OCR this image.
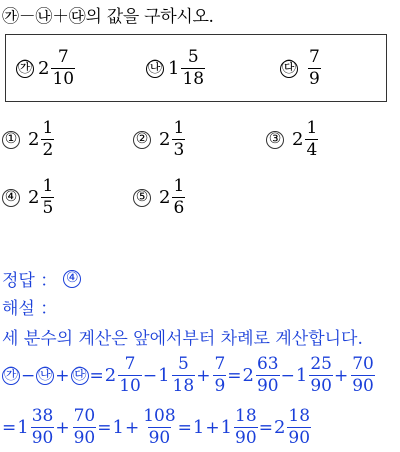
㉮－㉯＋㉰의 값을 구하시오.
㉮ $2 \frac{7}{10}$	㉯ $1 \frac{5}{18}$	㉰ $\frac{7}{9}$
① $2 \frac{1}{2}$	② $2 \frac{1}{3}$	③ $2 \frac{1}{4}$
④ $2 \frac{1}{5}$	⑤ $2 \frac{1}{6}$
정답 ： ④
해설 ：
세 분수의 계산은 앞에서부터 차례로 계산합니다.
㉮ − ㉯ + ㉰ = $2 \frac{7}{10} - 1 \frac{5}{18} + \frac{7}{9} = 2 \frac{63}{90} - 1 \frac{25}{90} + \frac{70}{90}$
= $1 \frac{38}{90} + \frac{70}{90} = 1 + \frac{108}{90} = 1 + 1 \frac{18}{90} = 2 \frac{18}{90}$
